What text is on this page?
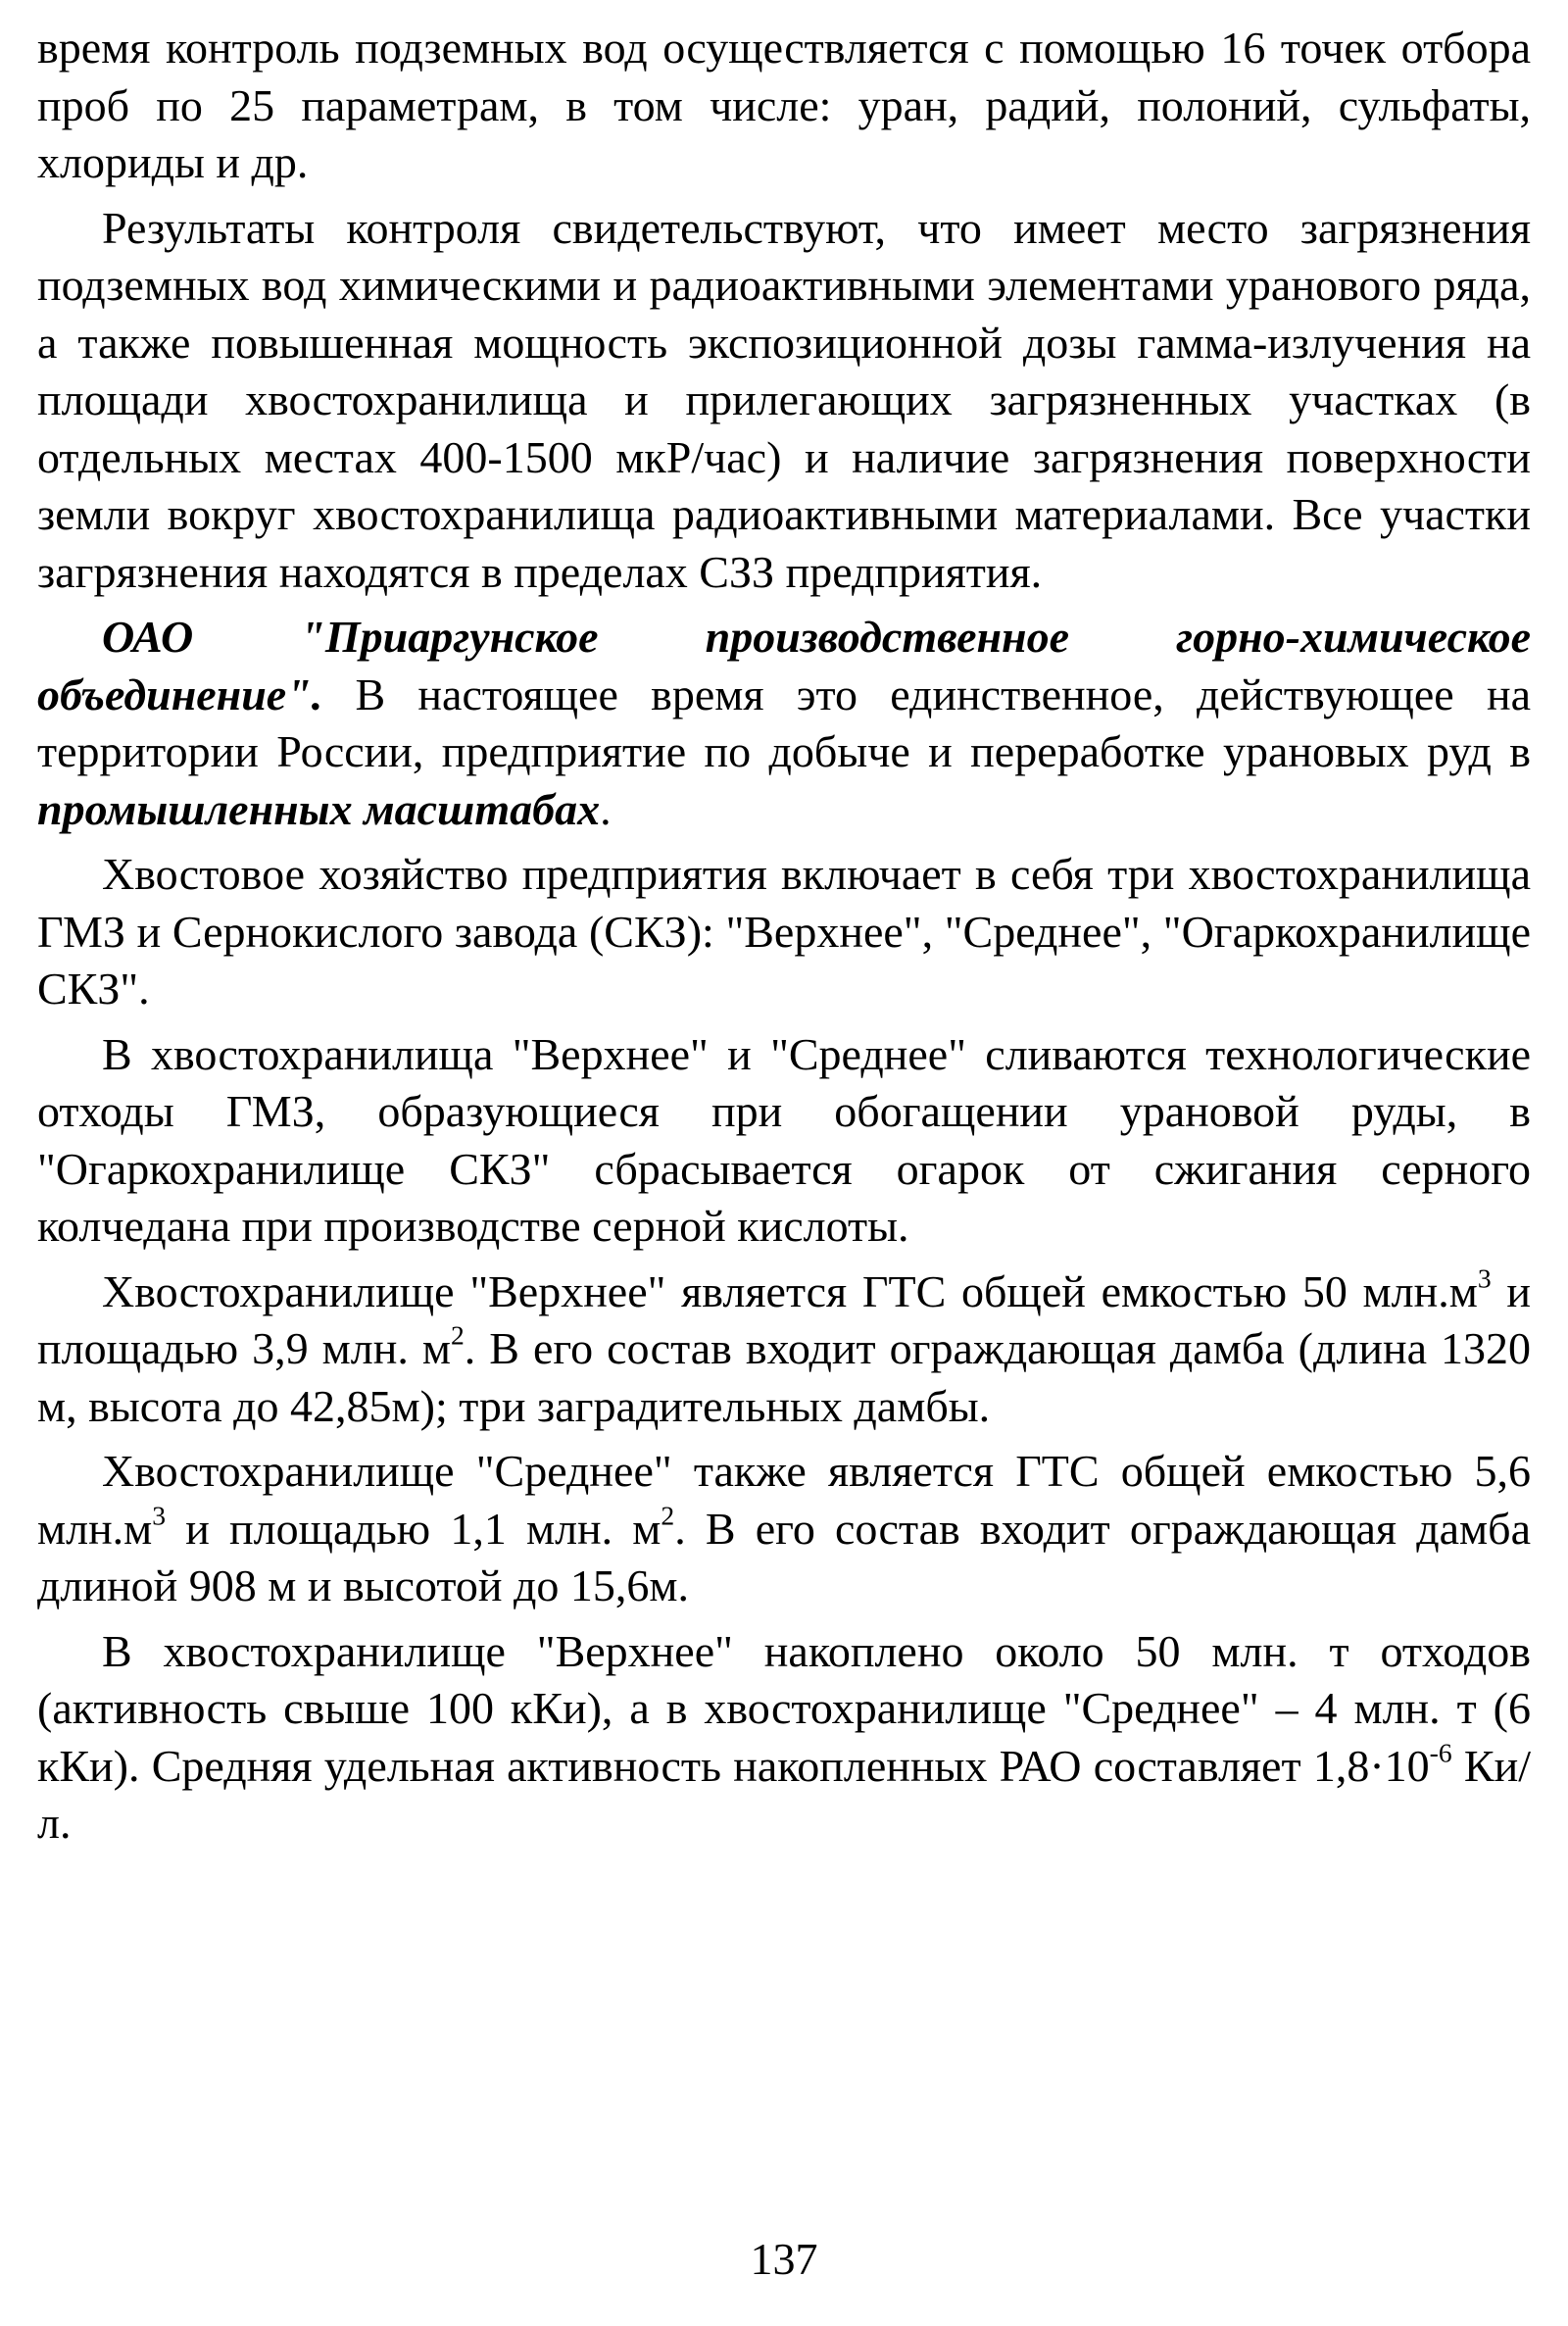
время контроль подземных вод осуществляется с помощью 16 точек отбора проб по 25 параметрам, в том числе: уран, радий, полоний, сульфаты, хлориды и др.

Результаты контроля свидетельствуют, что имеет место загрязнения подземных вод химическими и радиоактивными элементами уранового ряда, а также повышенная мощность экспозиционной дозы гамма-излучения на площади хвостохранилища и прилегающих загрязненных участках (в отдельных местах 400-1500 мкР/час) и наличие загрязнения поверхности земли вокруг хвостохранилища радиоактивными материалами. Все участки загрязнения находятся в пределах СЗЗ предприятия.

ОАО "Приаргунское производственное горно-химическое объединение". В настоящее время это единственное, действующее на территории России, предприятие по добыче и переработке урановых руд в промышленных масштабах.

Хвостовое хозяйство предприятия включает в себя три хвостохранилища ГМЗ и Сернокислого завода (СКЗ): "Верхнее", "Среднее", "Огаркохранилище СКЗ".

В хвостохранилища "Верхнее" и "Среднее" сливаются технологические отходы ГМЗ, образующиеся при обогащении урановой руды, в "Огаркохранилище СКЗ" сбрасывается огарок от сжигания серного колчедана при производстве серной кислоты.

Хвостохранилище "Верхнее" является ГТС общей емкостью 50 $млн.м^3$ и площадью 3,9 млн. $м^2$. В его состав входит ограждающая дамба (длина 1320 м, высота до 42,85м); три заградительных дамбы.

Хвостохранилище "Среднее" также является ГТС общей емкостью 5,6 $млн.м^3$ и площадью 1,1 млн. $м^2$. В его состав входит ограждающая дамба длиной 908 м и высотой до 15,6м.

В хвостохранилище "Верхнее" накоплено около 50 млн. т отходов (активность свыше 100 кКи), а в хвостохранилище "Среднее" – 4 млн. т (6 кКи). Средняя удельная активность накопленных РАО составляет $1,8\cdot 10^{-6}$ Ки/л.

137
